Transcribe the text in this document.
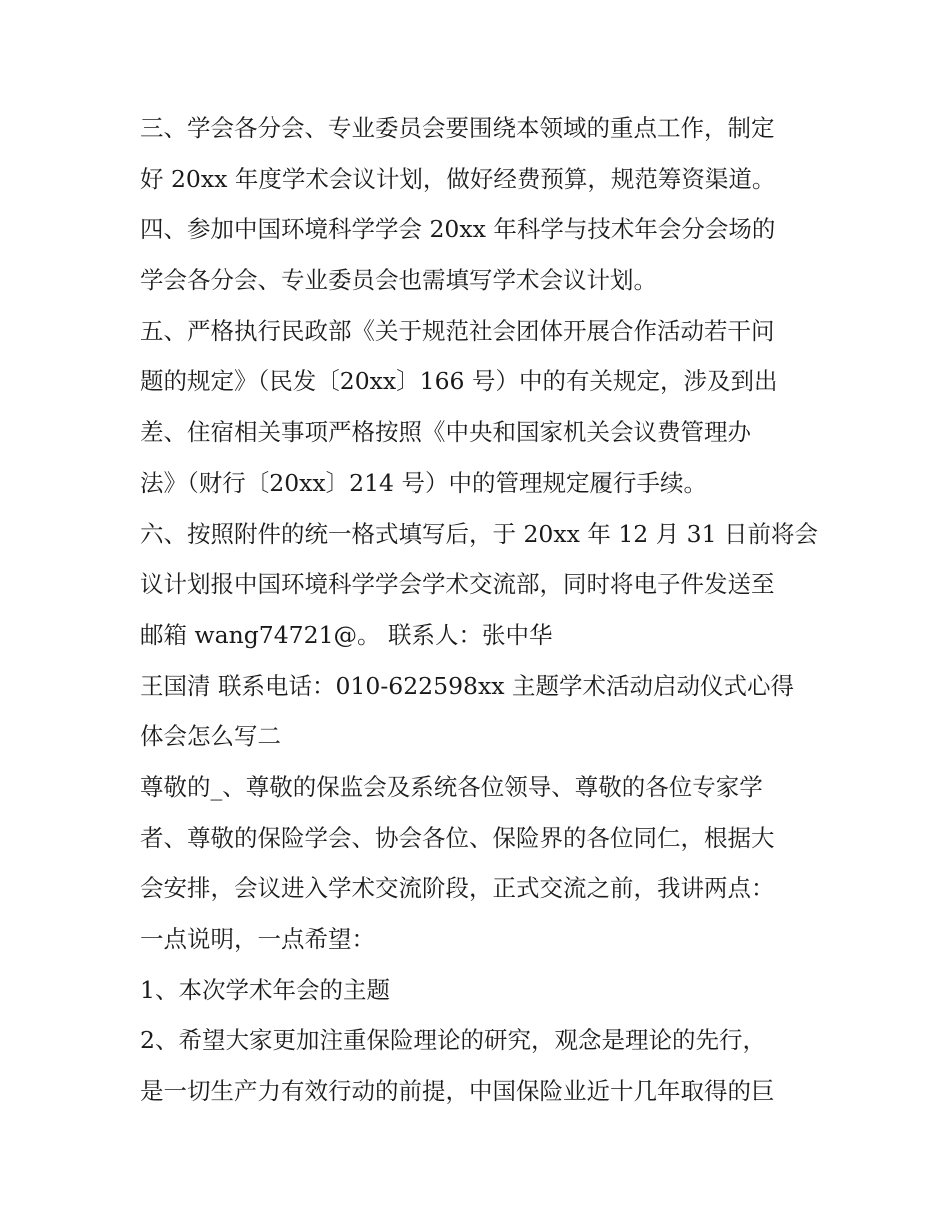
三、学会各分会、专业委员会要围绕本领域的重点工作，制定
好 20xx 年度学术会议计划，做好经费预算，规范筹资渠道。
四、参加中国环境科学学会 20xx 年科学与技术年会分会场的
学会各分会、专业委员会也需填写学术会议计划。
五、严格执行民政部《关于规范社会团体开展合作活动若干问
题的规定》（民发〔20xx〕166 号）中的有关规定，涉及到出
差、住宿相关事项严格按照《中央和国家机关会议费管理办
法》（财行〔20xx〕214 号）中的管理规定履行手续。
六、按照附件的统一格式填写后，于 20xx 年 12 月 31 日前将会
议计划报中国环境科学学会学术交流部，同时将电子件发送至
邮箱 wang74721@。 联系人：张中华
王国清 联系电话：010-622598xx 主题学术活动启动仪式心得
体会怎么写二
尊敬的_、尊敬的保监会及系统各位领导、尊敬的各位专家学
者、尊敬的保险学会、协会各位、保险界的各位同仁，根据大
会安排，会议进入学术交流阶段，正式交流之前，我讲两点：
一点说明，一点希望：
1、本次学术年会的主题
2、希望大家更加注重保险理论的研究，观念是理论的先行，
是一切生产力有效行动的前提，中国保险业近十几年取得的巨
